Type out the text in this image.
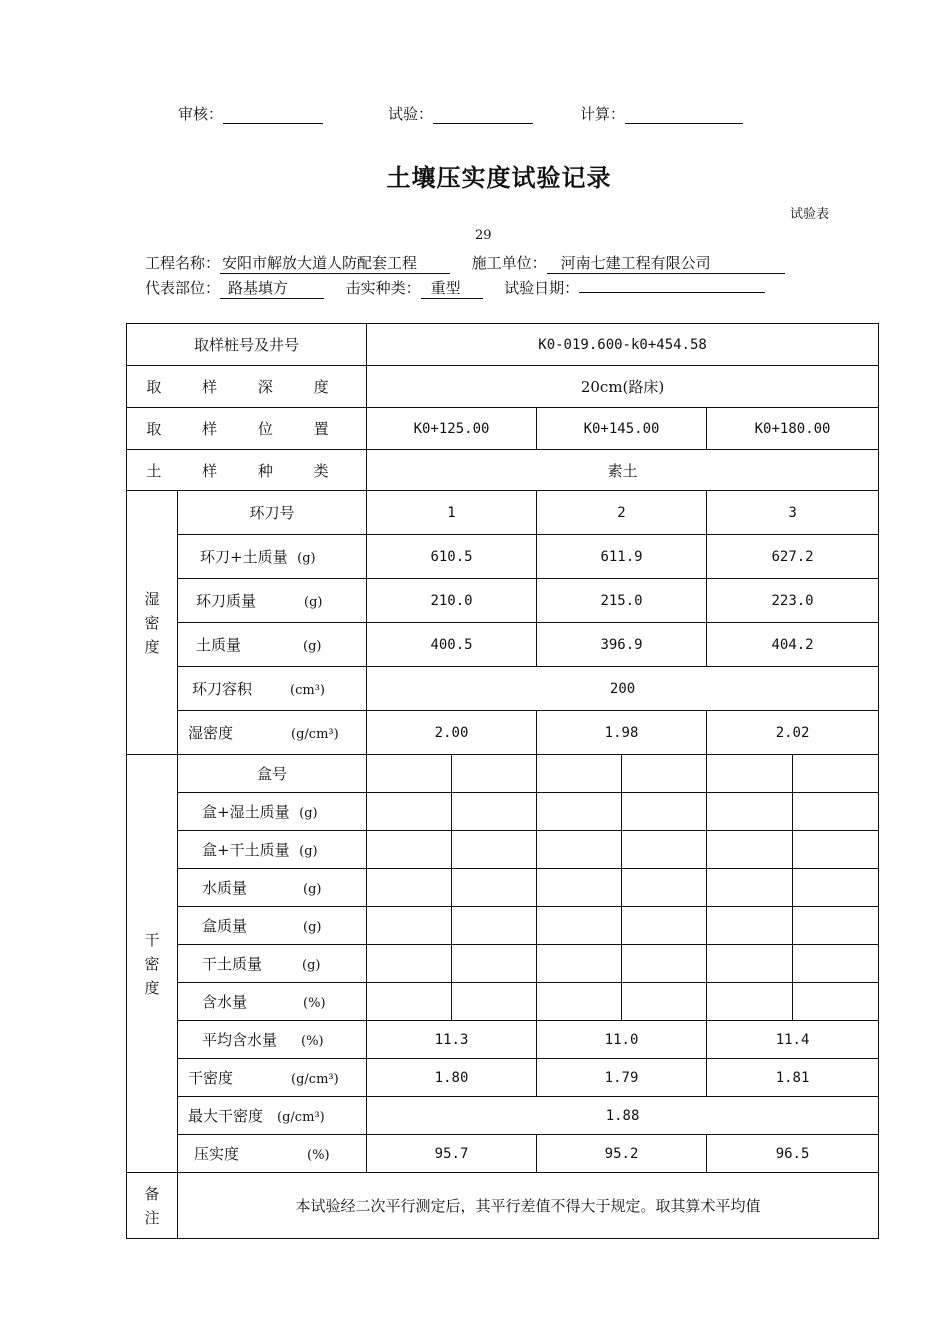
审核：	试验：	计算：
土壤压实度试验记录
试验表
29
工程名称： 安阳市解放大道人防配套工程	施工单位： 河南七建工程有限公司
代表部位： 路基填方	击实种类： 重型	试验日期：
取样桩号及井号		K0-019.600-k0+454.58					
取 样 深 度		20cm(路床)					
取 样 位 置		K0+125.00		K0+145.00		K0+180.00	
土 样 种 类		素土					
湿密度	环刀号	1		2		3	
	环刀+土质量 (g)	610.5		611.9		627.2	
	环刀质量 (g)	210.0		215.0		223.0	
	土质量 (g)	400.5		396.9		404.2	
	环刀容积 (cm³)	200					
	湿密度 (g/cm³)	2.00		1.98		2.02	
干密度	盒号						
	盒+湿土质量 (g)						
	盒+干土质量 (g)						
	水质量 (g)						
	盒质量 (g)						
	干土质量 (g)						
	含水量 (%)						
	平均含水量 (%)	11.3		11.0		11.4	
	干密度 (g/cm³)	1.80		1.79		1.81	
	最大干密度 (g/cm³)	1.88					
	压实度 (%)	95.7		95.2		96.5	
备注	本试验经二次平行测定后，其平行差值不得大于规定。取其算术平均值						
